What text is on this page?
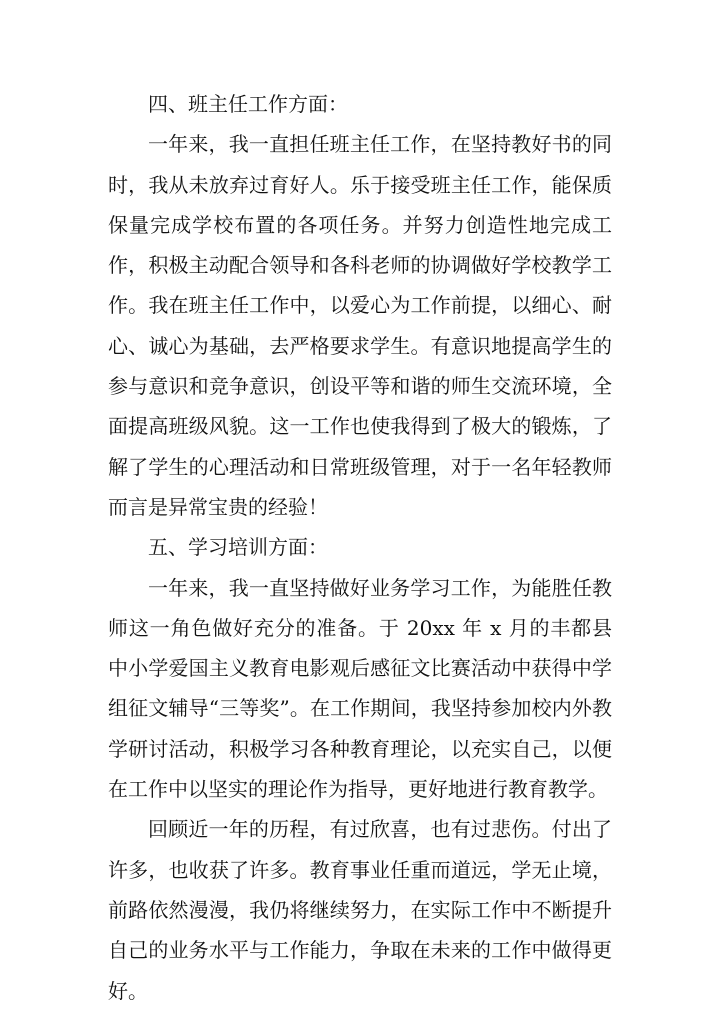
四、班主任工作方面：

一年来，我一直担任班主任工作，在坚持教好书的同时，我从未放弃过育好人。乐于接受班主任工作，能保质保量完成学校布置的各项任务。并努力创造性地完成工作，积极主动配合领导和各科老师的协调做好学校教学工作。我在班主任工作中，以爱心为工作前提，以细心、耐心、诚心为基础，去严格要求学生。有意识地提高学生的参与意识和竞争意识，创设平等和谐的师生交流环境，全面提高班级风貌。这一工作也使我得到了极大的锻炼，了解了学生的心理活动和日常班级管理，对于一名年轻教师而言是异常宝贵的经验！

五、学习培训方面：

一年来，我一直坚持做好业务学习工作，为能胜任教师这一角色做好充分的准备。于 20xx 年 x 月的丰都县中小学爱国主义教育电影观后感征文比赛活动中获得中学组征文辅导“三等奖”。在工作期间，我坚持参加校内外教学研讨活动，积极学习各种教育理论，以充实自己，以便在工作中以坚实的理论作为指导，更好地进行教育教学。

回顾近一年的历程，有过欣喜，也有过悲伤。付出了许多，也收获了许多。教育事业任重而道远，学无止境，前路依然漫漫，我仍将继续努力，在实际工作中不断提升自己的业务水平与工作能力，争取在未来的工作中做得更好。
